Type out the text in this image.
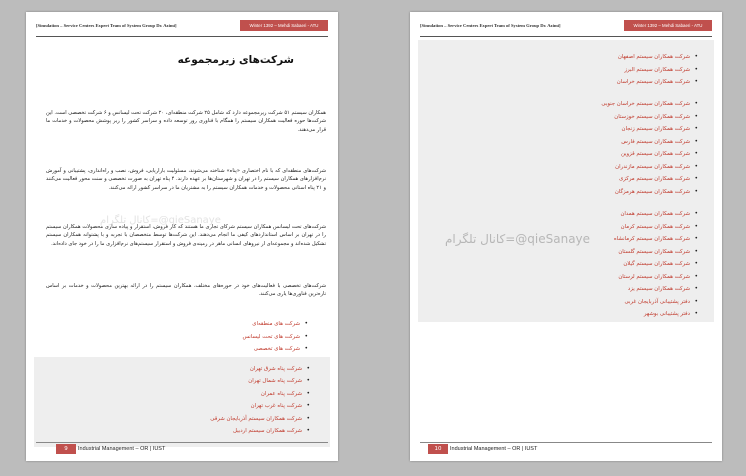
[Simulation – Service Centers Expert Team of System Group Dr. Azimi]	Winter 1392 – Mehdi Sabaeri - ATU
شرکت‌های زیرمجموعه
همکاران سیستم ۵۱ شرکت زیرمجموعه دارد که شامل ۲۵ شرکت منطقه‌ای، ۲۰ شرکت تحت لیسانس و ۶ شرکت تخصصی است. این شرکت‌ها حوزه فعالیت همکاران سیستم را همگام با فناوری روز توسعه داده و سراسر کشور را زیر پوشش محصولات و خدمات ما قرار می‌دهند.
شرکت‌های منطقه‌ای که با نام اختصاری «پناه» شناخته می‌شوند، مسئولیت بازاریابی، فروش، نصب و راه‌اندازی، پشتیبانی و آموزش نرم‌افزارهای همکاران سیستم را در تهران و شهرستان‌ها بر عهده دارند. ۴ پناه تهران به صورت تخصصی و سنت محور فعالیت می‌کنند و ۲۱ پناه استانی محصولات و خدمات همکاران سیستم را به مشتریان ما در سراسر کشور ارائه می‌کنند.
شرکت‌های تحت لیسانس همکاران سیستم شرکای تجاری ما هستند که کار فروش، استقرار و پیاده سازی محصولات همکاران سیستم را در تهران بر اساس استانداردهای کیفی ما انجام می‌دهند. این شرکت‌ها توسط متخصصان با تجربه و با پشتوانه همکاران سیستم تشکیل شده‌اند و مجموعه‌ای از نیروهای انسانی ماهر در زمینه‌ی فروش و استقرار سیستم‌های نرم‌افزاری ما را در خود جای داده‌اند.
شرکت‌های تخصصی با فعالیت‌های خود در حوزه‌های مختلف، همکاران سیستم را در ارائه بهترین محصولات و خدمات بر اساس تازه‌ترین فناوری‌ها یاری می‌کنند.
• شرکت های منطقه‌ای
• شرکت های تحت لیسانس
• شرکت های تخصصی
• شرکت پناه شرق تهران
• شرکت پناه شمال تهران
• شرکت پناه عمران
• شرکت پناه غرب تهران
• شرکت همکاران سیستم آذربایجان شرقی
• شرکت همکاران سیستم اردبیل
9	Industrial Management – OR | IUST
[Simulation – Service Centers Expert Team of System Group Dr. Azimi]	Winter 1392 – Mehdi Sabaeri - ATU
• شرکت همکاران سیستم اصفهان
• شرکت همکاران سیستم البرز
• شرکت همکاران سیستم خراسان
• شرکت همکاران سیستم خراسان جنوبی
• شرکت همکاران سیستم خوزستان
• شرکت همکاران سیستم زنجان
• شرکت همکاران سیستم فارس
• شرکت همکاران سیستم قزوین
• شرکت همکاران سیستم مازندران
• شرکت همکاران سیستم مرکزی
• شرکت همکاران سیستم هرمزگان
• شرکت همکاران سیستم همدان
• شرکت همکاران سیستم کرمان
• شرکت همکاران سیستم کرمانشاه
• شرکت همکاران سیستم گلستان
• شرکت همکاران سیستم گیلان
• شرکت همکاران سیستم لرستان
• شرکت همکاران سیستم یزد
• دفتر پشتیبانی آذربایجان غربی
• دفتر پشتیبانی بوشهر
10	Industrial Management – OR | IUST
کانال تلگرام=@qieSanaye
کانال تلگرام=@qieSanaye
